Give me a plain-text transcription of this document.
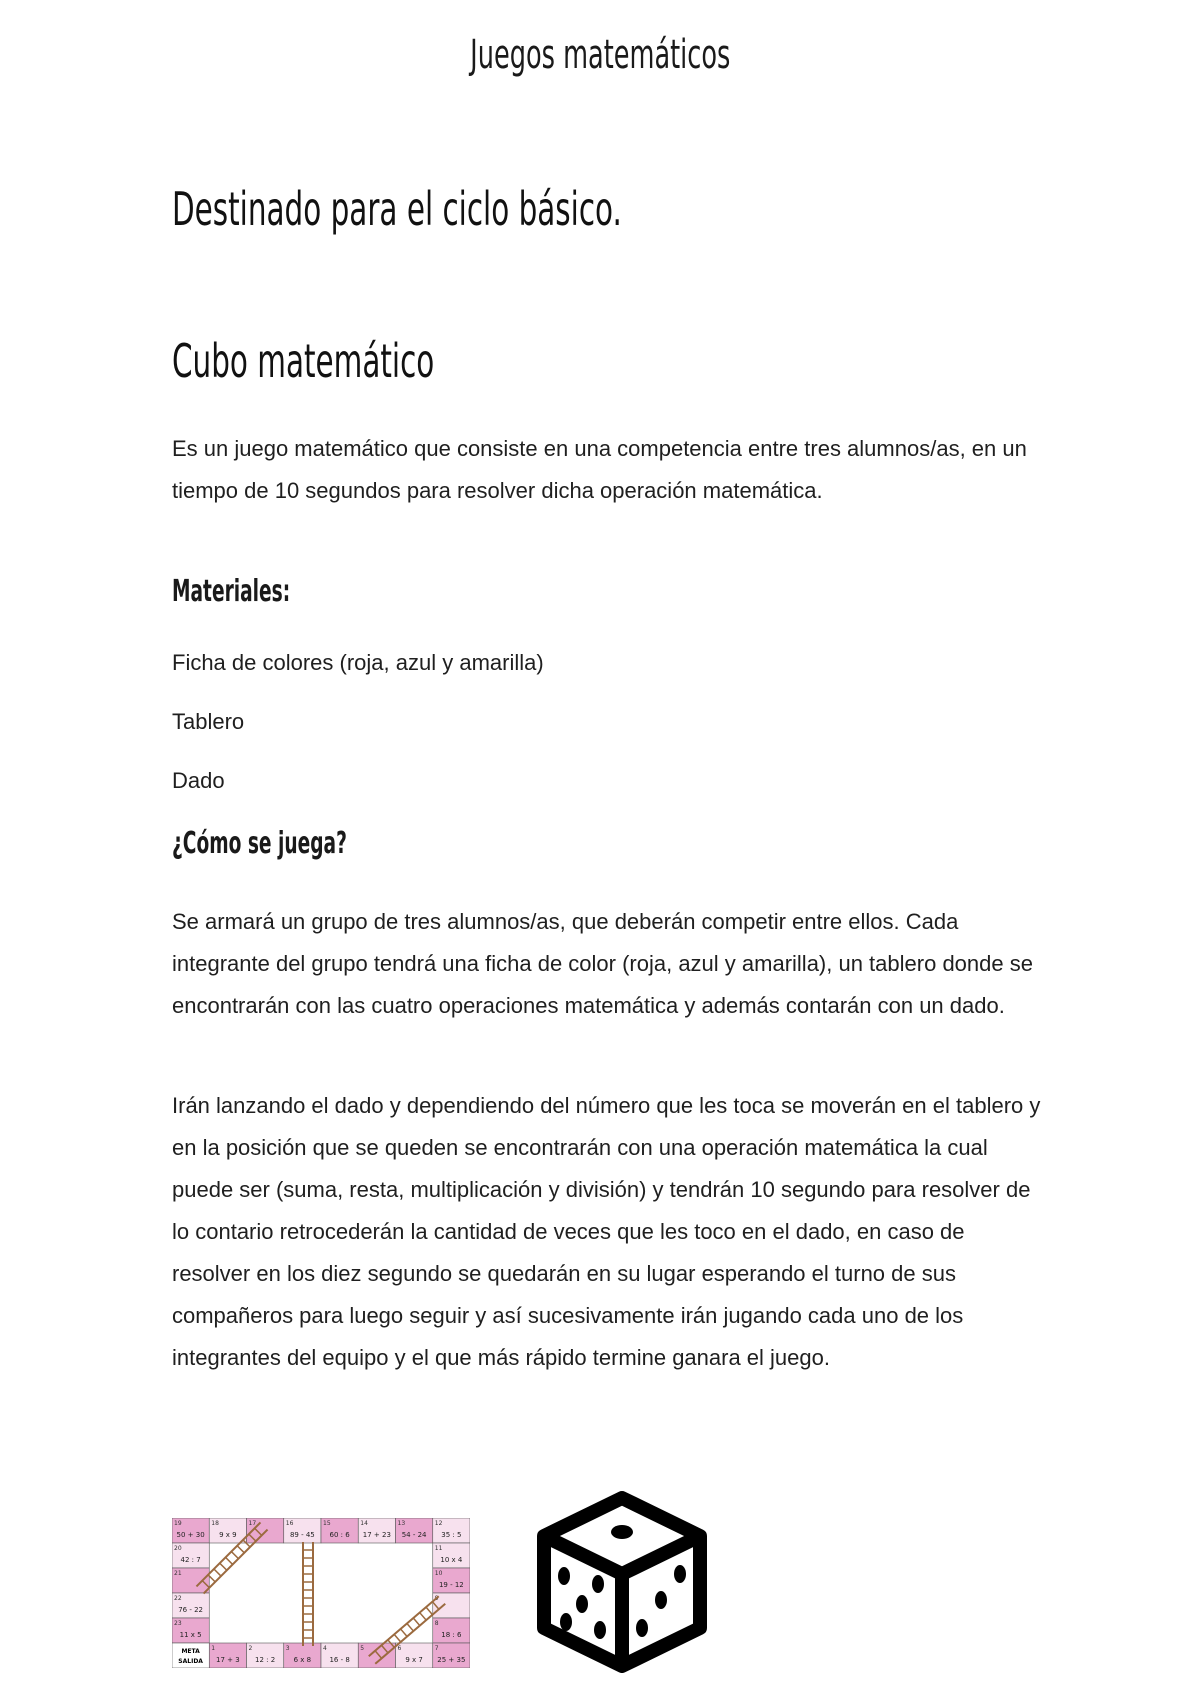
Juegos matemáticos
Destinado para el ciclo básico.
Cubo matemático

Es un juego matemático que consiste en una competencia entre tres alumnos/as, en un tiempo de 10 segundos para resolver dicha operación matemática.

Materiales:
Ficha de colores (roja, azul y amarilla)
Tablero
Dado
¿Cómo se juega?

Se armará un grupo de tres alumnos/as, que deberán competir entre ellos. Cada integrante del grupo tendrá una ficha de color (roja, azul y amarilla), un tablero donde se encontrarán con las cuatro operaciones matemática y además contarán con un dado.

Irán lanzando el dado y dependiendo del número que les toca se moverán en el tablero y en la posición que se queden se encontrarán con una operación matemática la cual puede ser (suma, resta, multiplicación y división) y tendrán 10 segundo para resolver de lo contario retrocederán la cantidad de veces que les toco en el dado, en caso de resolver en los diez segundo se quedarán en su lugar esperando el turno de sus compañeros para luego seguir y así sucesivamente irán jugando cada uno de los integrantes del equipo y el que más rápido termine ganara el juego.

19
50 + 30
18
9 x 9
17	16
89 - 45
15
60 : 6
14
17 + 23
13
54 - 24
12
35 : 5
20
42 : 7
21
22
76 - 22
23
11 x 5
11
10 x 4
10
19 - 12
8
18 : 6
1
17 + 3
2
12 : 2
3
6 x 8
4
16 - 8
5	6
9 x 7
7
25 + 35
META
SALIDA
